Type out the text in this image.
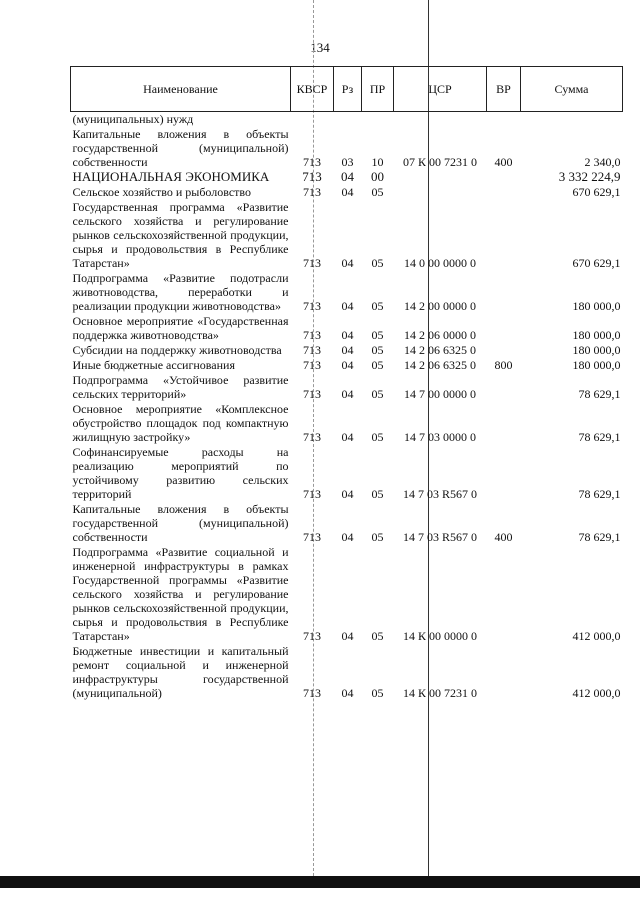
134
Наименование	КВСР	Рз	ПР	ЦСР	ВР	Сумма
(муниципальных) нужд						
Капитальные вложения в объекты государственной (муниципальной) собственности	713	03	10	07 К 00 7231 0	400	2 340,0
НАЦИОНАЛЬНАЯ ЭКОНОМИКА	713	04	00			3 332 224,9
Сельское хозяйство и рыболовство	713	04	05			670 629,1
Государственная программа «Развитие сельского хозяйства и регулирование рынков сельскохозяйственной продукции, сырья и продовольствия в Республике Татарстан»	713	04	05	14 0 00 0000 0		670 629,1
Подпрограмма «Развитие подотрасли животноводства, переработки и реализации продукции животноводства»	713	04	05	14 2 00 0000 0		180 000,0
Основное мероприятие «Государственная поддержка животноводства»	713	04	05	14 2 06 0000 0		180 000,0
Субсидии на поддержку животноводства	713	04	05	14 2 06 6325 0		180 000,0
Иные бюджетные ассигнования	713	04	05	14 2 06 6325 0	800	180 000,0
Подпрограмма «Устойчивое развитие сельских территорий»	713	04	05	14 7 00 0000 0		78 629,1
Основное мероприятие «Комплексное обустройство площадок под компактную жилищную застройку»	713	04	05	14 7 03 0000 0		78 629,1
Софинансируемые расходы на реализацию мероприятий по устойчивому развитию сельских территорий	713	04	05	14 7 03 R567 0		78 629,1
Капитальные вложения в объекты государственной (муниципальной) собственности	713	04	05	14 7 03 R567 0	400	78 629,1
Подпрограмма «Развитие социальной и инженерной инфраструктуры в рамках Государственной программы «Развитие сельского хозяйства и регулирование рынков сельскохозяйственной продукции, сырья и продовольствия в Республике Татарстан»	713	04	05	14 К 00 0000 0		412 000,0
Бюджетные инвестиции и капитальный ремонт социальной и инженерной инфраструктуры государственной (муниципальной)	713	04	05	14 К 00 7231 0		412 000,0
